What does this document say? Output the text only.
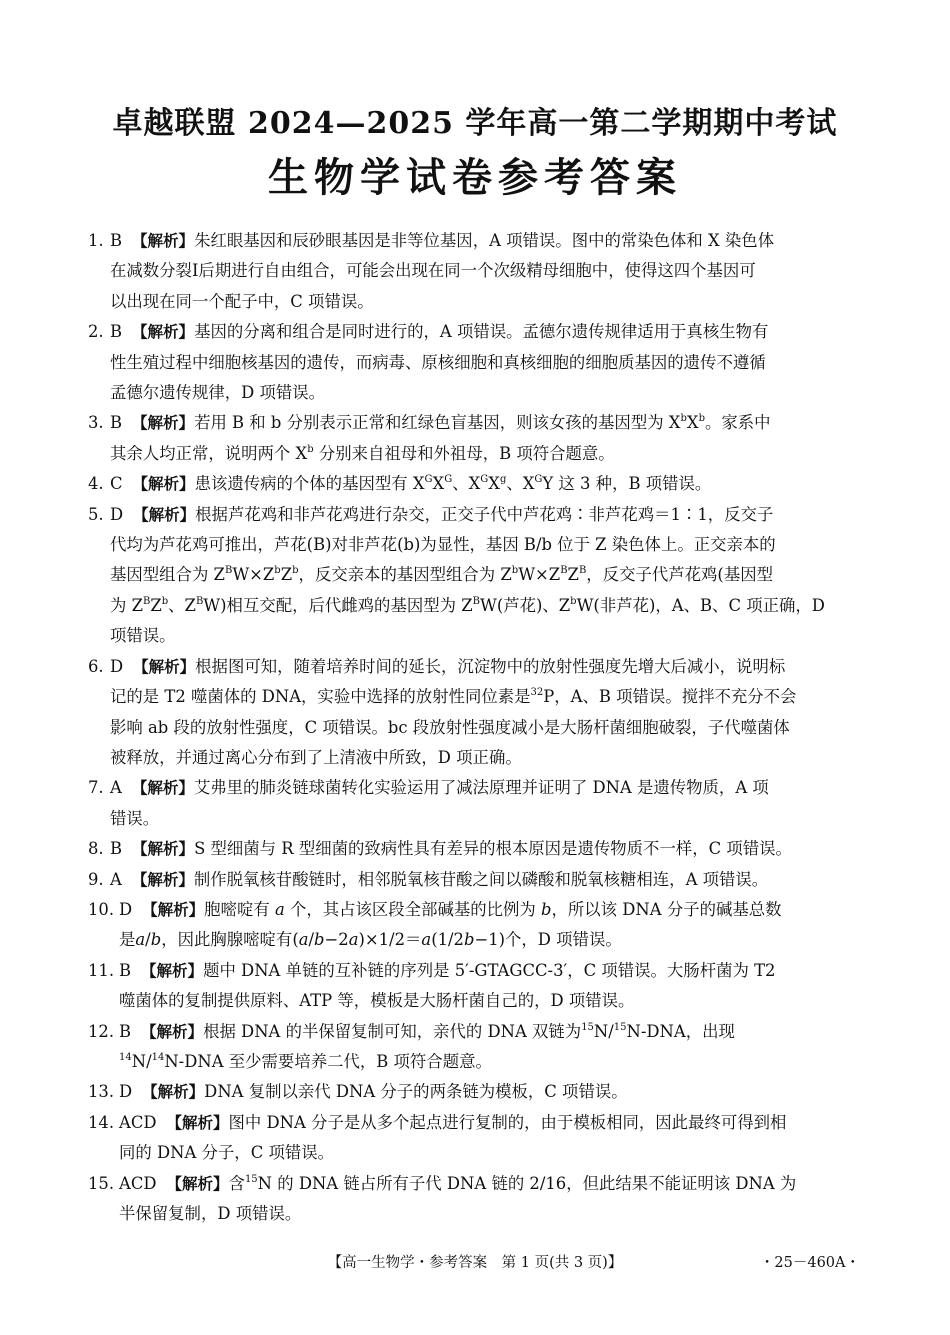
卓越联盟 2024—2025 学年高一第二学期期中考试
生物学试卷参考答案
1. B 【解析】朱红眼基因和辰砂眼基因是非等位基因，A 项错误。图中的常染色体和 X 染色体
在减数分裂Ⅰ后期进行自由组合，可能会出现在同一个次级精母细胞中，使得这四个基因可
以出现在同一个配子中，C 项错误。
2. B 【解析】基因的分离和组合是同时进行的，A 项错误。孟德尔遗传规律适用于真核生物有
性生殖过程中细胞核基因的遗传，而病毒、原核细胞和真核细胞的细胞质基因的遗传不遵循
孟德尔遗传规律，D 项错误。
3. B 【解析】若用 B 和 b 分别表示正常和红绿色盲基因，则该女孩的基因型为 $X^bX^b$。家系中
其余人均正常，说明两个 $X^b$ 分别来自祖母和外祖母，B 项符合题意。
4. C 【解析】患该遗传病的个体的基因型有 $X^GX^G$、$X^GX^g$、$X^GY$ 这 3 种，B 项错误。
5. D 【解析】根据芦花鸡和非芦花鸡进行杂交，正交子代中芦花鸡∶非芦花鸡＝1∶1，反交子
代均为芦花鸡可推出，芦花(B)对非芦花(b)为显性，基因 B/b 位于 Z 染色体上。正交亲本的
基因型组合为 $Z^BW\times Z^bZ^b$，反交亲本的基因型组合为 $Z^bW\times Z^BZ^B$，反交子代芦花鸡(基因型
为 $Z^BZ^b$、$Z^BW$)相互交配，后代雌鸡的基因型为 $Z^BW$(芦花)、$Z^bW$(非芦花)，A、B、C 项正确，D
项错误。
6. D 【解析】根据图可知，随着培养时间的延长，沉淀物中的放射性强度先增大后减小，说明标
记的是 T2 噬菌体的 DNA，实验中选择的放射性同位素是$^{32}$P，A、B 项错误。搅拌不充分不会
影响 ab 段的放射性强度，C 项错误。bc 段放射性强度减小是大肠杆菌细胞破裂，子代噬菌体
被释放，并通过离心分布到了上清液中所致，D 项正确。
7. A 【解析】艾弗里的肺炎链球菌转化实验运用了减法原理并证明了 DNA 是遗传物质，A 项
错误。
8. B 【解析】S 型细菌与 R 型细菌的致病性具有差异的根本原因是遗传物质不一样，C 项错误。
9. A 【解析】制作脱氧核苷酸链时，相邻脱氧核苷酸之间以磷酸和脱氧核糖相连，A 项错误。
10. D 【解析】胞嘧啶有 a 个，其占该区段全部碱基的比例为 b，所以该 DNA 分子的碱基总数
是a/b，因此胸腺嘧啶有(a/b−2a)×1/2＝a(1/2b−1)个，D 项错误。
11. B 【解析】题中 DNA 单链的互补链的序列是 5′-GTAGCC-3′，C 项错误。大肠杆菌为 T2
噬菌体的复制提供原料、ATP 等，模板是大肠杆菌自己的，D 项错误。
12. B 【解析】根据 DNA 的半保留复制可知，亲代的 DNA 双链为$^{15}$N/$^{15}$N-DNA，出现
$^{14}$N/$^{14}$N-DNA 至少需要培养二代，B 项符合题意。
13. D 【解析】DNA 复制以亲代 DNA 分子的两条链为模板，C 项错误。
14. ACD 【解析】图中 DNA 分子是从多个起点进行复制的，由于模板相同，因此最终可得到相
同的 DNA 分子，C 项错误。
15. ACD 【解析】含$^{15}$N 的 DNA 链占所有子代 DNA 链的 2/16，但此结果不能证明该 DNA 为
半保留复制，D 项错误。
【高一生物学・参考答案　第 1 页(共 3 页)】	・25－460A・
